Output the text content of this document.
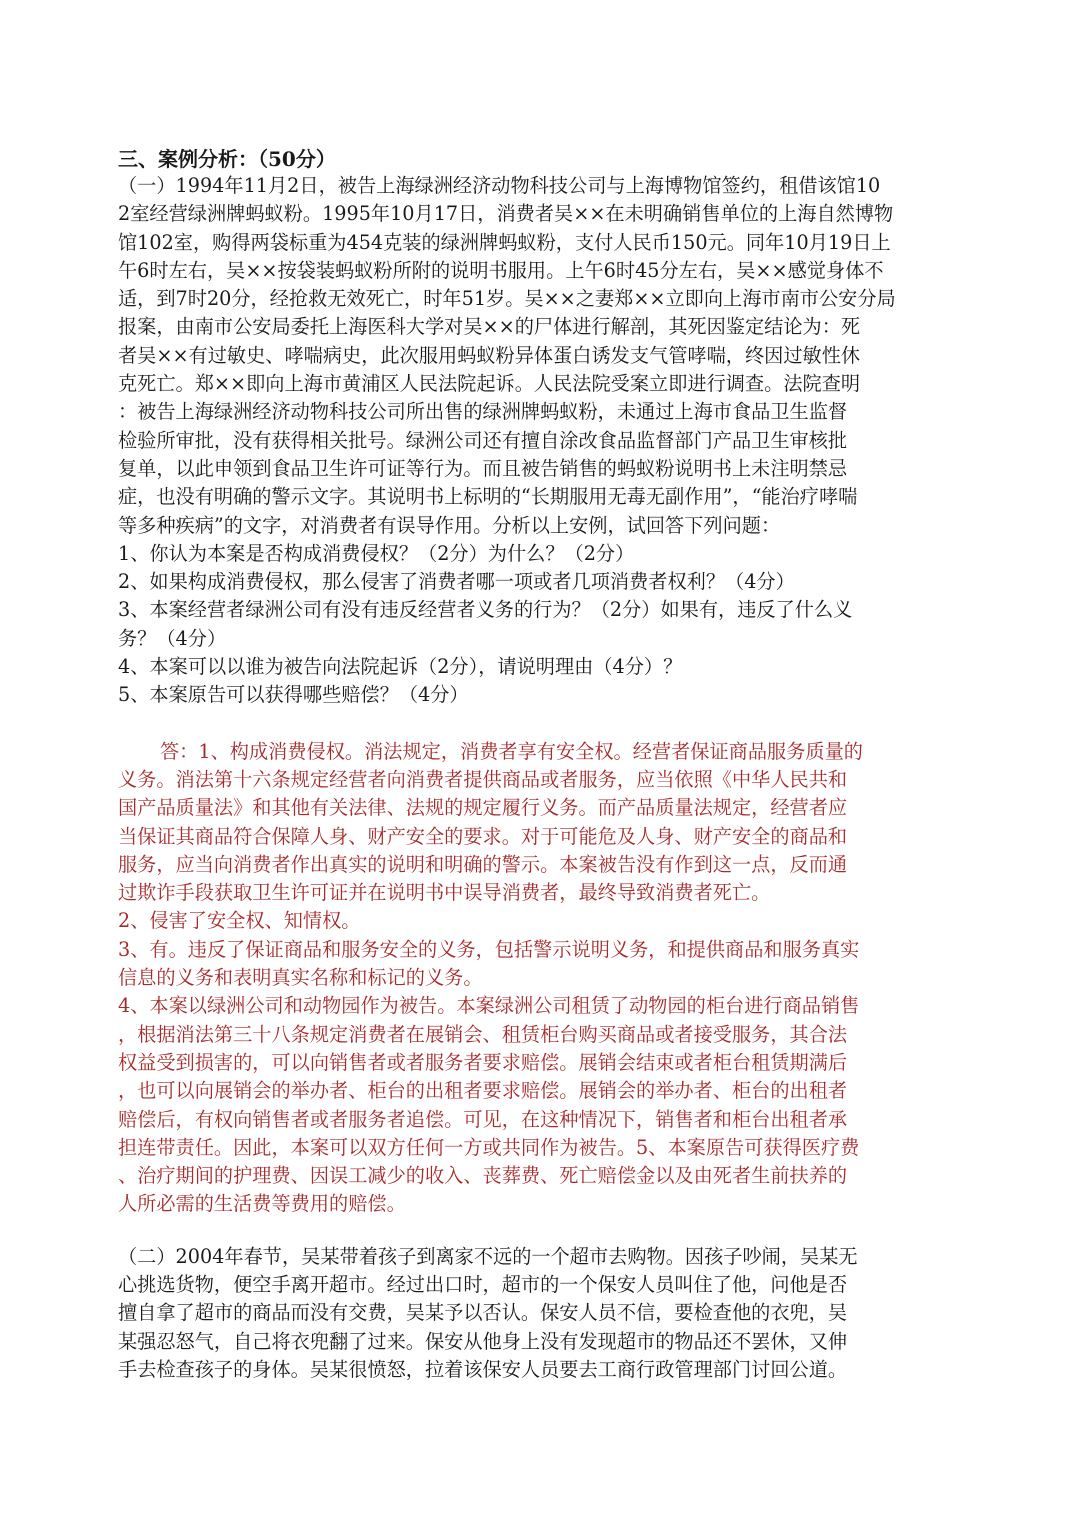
三、案例分析：（50分）

（一）1994年11月2日，被告上海绿洲经济动物科技公司与上海博物馆签约，租借该馆10

2室经营绿洲牌蚂蚁粉。1995年10月17日，消费者吴××在未明确销售单位的上海自然博物

馆102室，购得两袋标重为454克装的绿洲牌蚂蚁粉，支付人民币150元。同年10月19日上

午6时左右，吴××按袋装蚂蚁粉所附的说明书服用。上午6时45分左右，吴××感觉身体不

适，到7时20分，经抢救无效死亡，时年51岁。吴××之妻郑××立即向上海市南市公安分局

报案，由南市公安局委托上海医科大学对吴××的尸体进行解剖，其死因鉴定结论为：死

者吴××有过敏史、哮喘病史，此次服用蚂蚁粉异体蛋白诱发支气管哮喘，终因过敏性休

克死亡。郑××即向上海市黄浦区人民法院起诉。人民法院受案立即进行调查。法院查明

：被告上海绿洲经济动物科技公司所出售的绿洲牌蚂蚁粉，未通过上海市食品卫生监督

检验所审批，没有获得相关批号。绿洲公司还有擅自涂改食品监督部门产品卫生审核批

复单，以此申领到食品卫生许可证等行为。而且被告销售的蚂蚁粉说明书上未注明禁忌

症，也没有明确的警示文字。其说明书上标明的“长期服用无毒无副作用”，“能治疗哮喘

等多种疾病”的文字，对消费者有误导作用。分析以上安例，试回答下列问题：

1、你认为本案是否构成消费侵权？（2分）为什么？（2分）

2、如果构成消费侵权，那么侵害了消费者哪一项或者几项消费者权利？（4分）

3、本案经营者绿洲公司有没有违反经营者义务的行为？（2分）如果有，违反了什么义

务？（4分）

4、本案可以以谁为被告向法院起诉（2分），请说明理由（4分）？

5、本案原告可以获得哪些赔偿？（4分）

答：1、构成消费侵权。消法规定，消费者享有安全权。经营者保证商品服务质量的

义务。消法第十六条规定经营者向消费者提供商品或者服务，应当依照《中华人民共和

国产品质量法》和其他有关法律、法规的规定履行义务。而产品质量法规定，经营者应

当保证其商品符合保障人身、财产安全的要求。对于可能危及人身、财产安全的商品和

服务，应当向消费者作出真实的说明和明确的警示。本案被告没有作到这一点，反而通

过欺诈手段获取卫生许可证并在说明书中误导消费者，最终导致消费者死亡。

2、侵害了安全权、知情权。

3、有。违反了保证商品和服务安全的义务，包括警示说明义务，和提供商品和服务真实

信息的义务和表明真实名称和标记的义务。

4、本案以绿洲公司和动物园作为被告。本案绿洲公司租赁了动物园的柜台进行商品销售

，根据消法第三十八条规定消费者在展销会、租赁柜台购买商品或者接受服务，其合法

权益受到损害的，可以向销售者或者服务者要求赔偿。展销会结束或者柜台租赁期满后

，也可以向展销会的举办者、柜台的出租者要求赔偿。展销会的举办者、柜台的出租者

赔偿后，有权向销售者或者服务者追偿。可见，在这种情况下，销售者和柜台出租者承

担连带责任。因此，本案可以双方任何一方或共同作为被告。5、本案原告可获得医疗费

、治疗期间的护理费、因误工减少的收入、丧葬费、死亡赔偿金以及由死者生前扶养的

人所必需的生活费等费用的赔偿。

（二）2004年春节，吴某带着孩子到离家不远的一个超市去购物。因孩子吵闹，吴某无

心挑选货物，便空手离开超市。经过出口时，超市的一个保安人员叫住了他，问他是否

擅自拿了超市的商品而没有交费，吴某予以否认。保安人员不信，要检查他的衣兜，吴

某强忍怒气，自己将衣兜翻了过来。保安从他身上没有发现超市的物品还不罢休，又伸

手去检查孩子的身体。吴某很愤怒，拉着该保安人员要去工商行政管理部门讨回公道。
